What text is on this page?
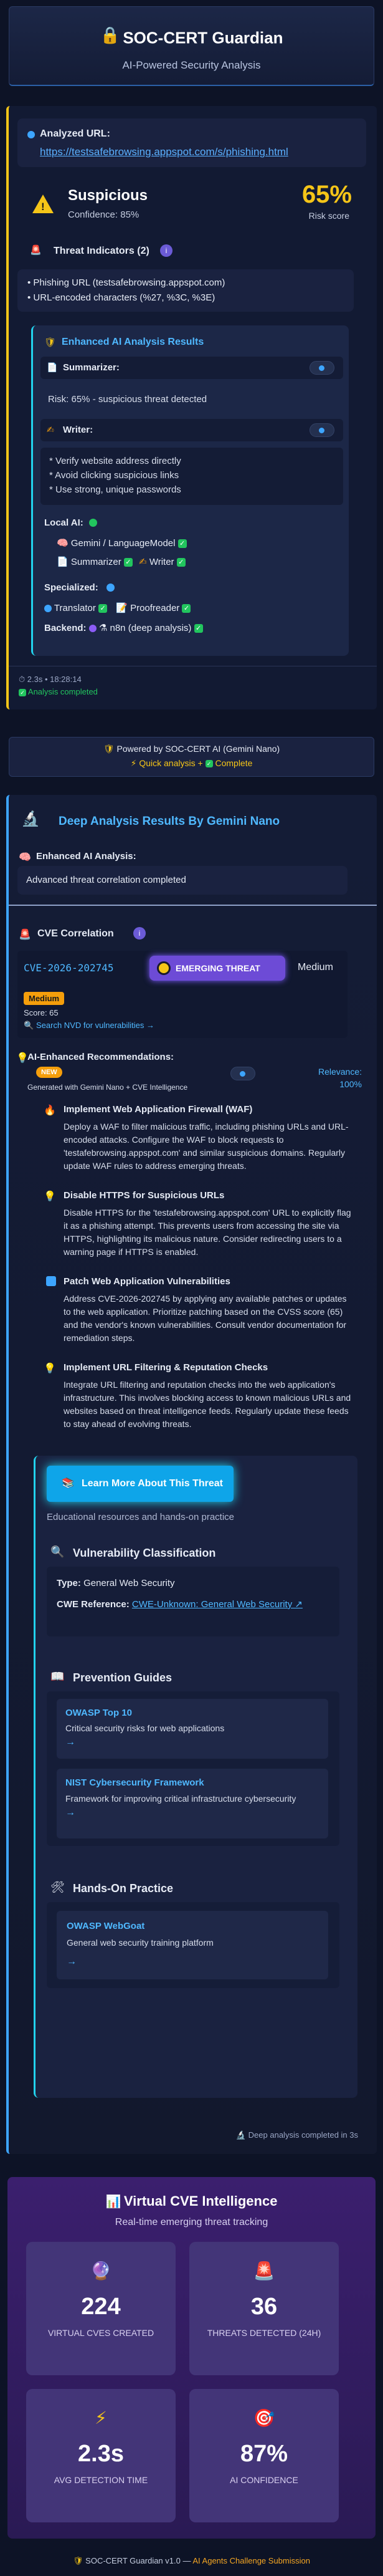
🔒 SOC-CERT Guardian
AI-Powered Security Analysis
Analyzed URL:
https://testsafebrowsing.appspot.com/s/phishing.html
!
Suspicious
Confidence: 85%
65%
Risk score
🚨 Threat Indicators (2)	i
• Phishing URL (testsafebrowsing.appspot.com)
• URL-encoded characters (%27, %3C, %3E)
🛡 Enhanced AI Analysis Results
📄 Summarizer:
Risk: 65% - suspicious threat detected
✍ Writer:
* Verify website address directly
* Avoid clicking suspicious links
* Use strong, unique passwords
Local AI:
🧠 Gemini / LanguageModel ✓
📄 Summarizer ✓ ✍ Writer ✓
Specialized:
Translator ✓ 📝 Proofreader ✓
Backend: ⚗ n8n (deep analysis) ✓
⏱ 2.3s • 18:28:14
✓ Analysis completed
🛡 Powered by SOC-CERT AI (Gemini Nano)
⚡ Quick analysis + ✓ Complete
🔬 Deep Analysis Results By Gemini Nano
🧠 Enhanced AI Analysis:
Advanced threat correlation completed
🚨 CVE Correlation	i
CVE-2026-202745	EMERGING THREAT	Medium
Medium
Score: 65
🔍 Search NVD for vulnerabilities →
💡
AI-Enhanced Recommendations:
NEW
Generated with Gemini Nano + CVE Intelligence
Relevance:
100%
🔥 Implement Web Application Firewall (WAF)
Deploy a WAF to filter malicious traffic, including phishing URLs and URL-encoded attacks. Configure the WAF to block requests to 'testafebrowsing.appspot.com' and similar suspicious domains. Regularly update WAF rules to address emerging threats.
💡 Disable HTTPS for Suspicious URLs
Disable HTTPS for the 'testafebrowsing.appspot.com' URL to explicitly flag it as a phishing attempt. This prevents users from accessing the site via HTTPS, highlighting its malicious nature. Consider redirecting users to a warning page if HTTPS is enabled.
Patch Web Application Vulnerabilities
Address CVE-2026-202745 by applying any available patches or updates to the web application. Prioritize patching based on the CVSS score (65) and the vendor's known vulnerabilities. Consult vendor documentation for remediation steps.
💡 Implement URL Filtering & Reputation Checks
Integrate URL filtering and reputation checks into the web application's infrastructure. This involves blocking access to known malicious URLs and websites based on threat intelligence feeds. Regularly update these feeds to stay ahead of evolving threats.
📚 Learn More About This Threat
Educational resources and hands-on practice
🔍 Vulnerability Classification
Type: General Web Security
CWE Reference: CWE-Unknown: General Web Security ↗
📖 Prevention Guides
OWASP Top 10
Critical security risks for web applications
→
NIST Cybersecurity Framework
Framework for improving critical infrastructure cybersecurity
→
🛠 Hands-On Practice
OWASP WebGoat
General web security training platform
→
🔬 Deep analysis completed in 3s
📊 Virtual CVE Intelligence
Real-time emerging threat tracking
🔮
224
VIRTUAL CVES CREATED
🚨
36
THREATS DETECTED (24H)
⚡
2.3s
AVG DETECTION TIME
🎯
87%
AI CONFIDENCE
🛡 SOC-CERT Guardian v1.0 — AI Agents Challenge Submission
